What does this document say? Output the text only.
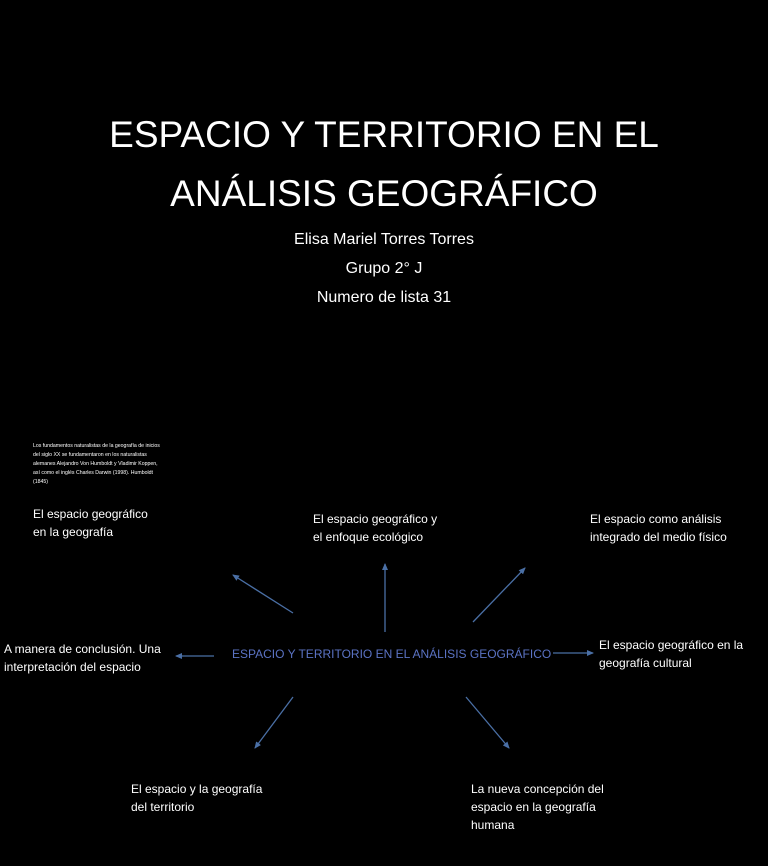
ESPACIO Y TERRITORIO EN EL
ANÁLISIS GEOGRÁFICO
Elisa Mariel Torres Torres
Grupo 2° J
Numero de lista 31
Los fundamentos naturalistas de la geografía de inicios
del siglo XX se fundamentaron en los naturalistas
alemanes Alejandro Von Humboldt y Vladimir Koppen,
así como el inglés Charles Darwin (1998). Humboldt
(1845)
El espacio geográfico
en la geografía
El espacio geográfico y
el enfoque ecológico
El espacio como análisis
integrado del medio físico
A manera de conclusión. Una
interpretación del espacio
ESPACIO Y TERRITORIO EN EL ANÁLISIS GEOGRÁFICO
El espacio geográfico en la
geografía cultural
El espacio y la geografía
del territorio
La nueva concepción del
espacio en la geografía
humana
